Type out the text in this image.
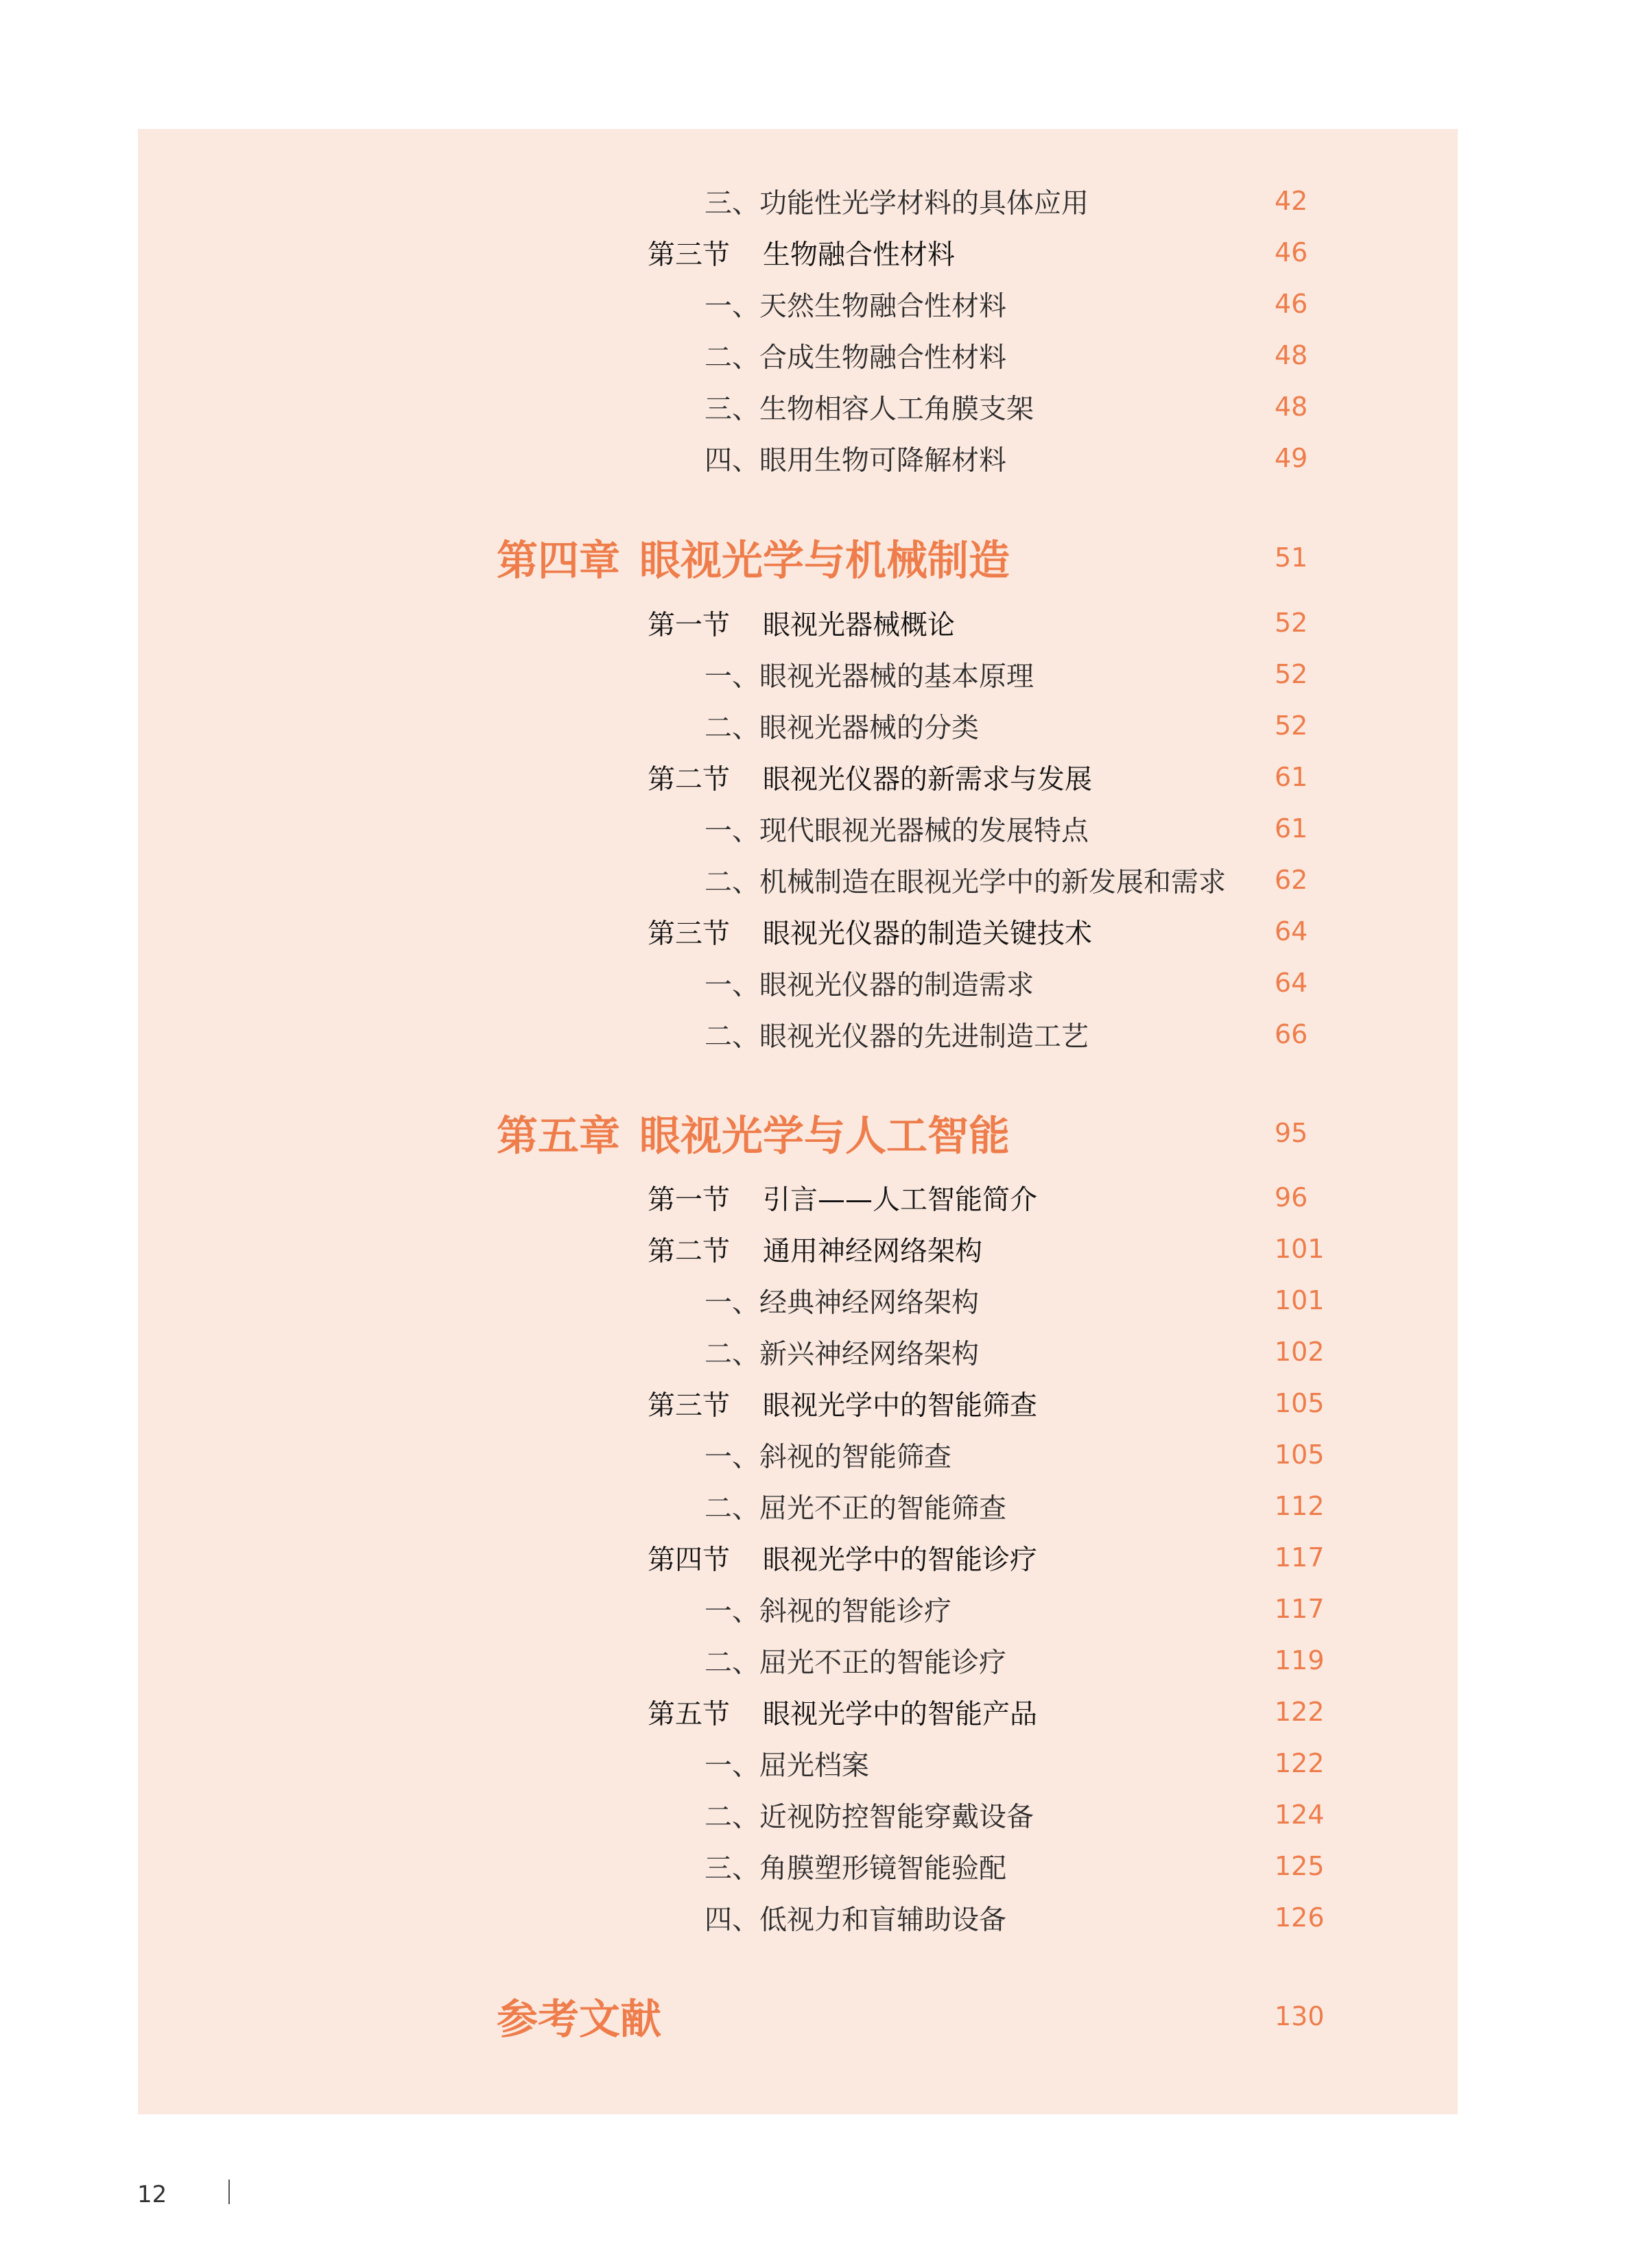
三、功能性光学材料的具体应用	42
第三节 生物融合性材料	46
一、天然生物融合性材料	46
二、合成生物融合性材料	48
三、生物相容人工角膜支架	48
四、眼用生物可降解材料	49
第四章 眼视光学与机械制造	51
第一节 眼视光器械概论	52
一、眼视光器械的基本原理	52
二、眼视光器械的分类	52
第二节 眼视光仪器的新需求与发展	61
一、现代眼视光器械的发展特点	61
二、机械制造在眼视光学中的新发展和需求 62
第三节 眼视光仪器的制造关键技术	64
一、眼视光仪器的制造需求	64
二、眼视光仪器的先进制造工艺	66
第五章 眼视光学与人工智能	95
第一节 引言——人工智能简介	96
第二节 通用神经网络架构	101
一、经典神经网络架构	101
二、新兴神经网络架构	102
第三节 眼视光学中的智能筛查	105
一、斜视的智能筛查	105
二、屈光不正的智能筛查	112
第四节 眼视光学中的智能诊疗	117
一、斜视的智能诊疗	117
二、屈光不正的智能诊疗	119
第五节 眼视光学中的智能产品	122
一、屈光档案	122
二、近视防控智能穿戴设备	124
三、角膜塑形镜智能验配	125
四、低视力和盲辅助设备	126
参考文献	130
12
